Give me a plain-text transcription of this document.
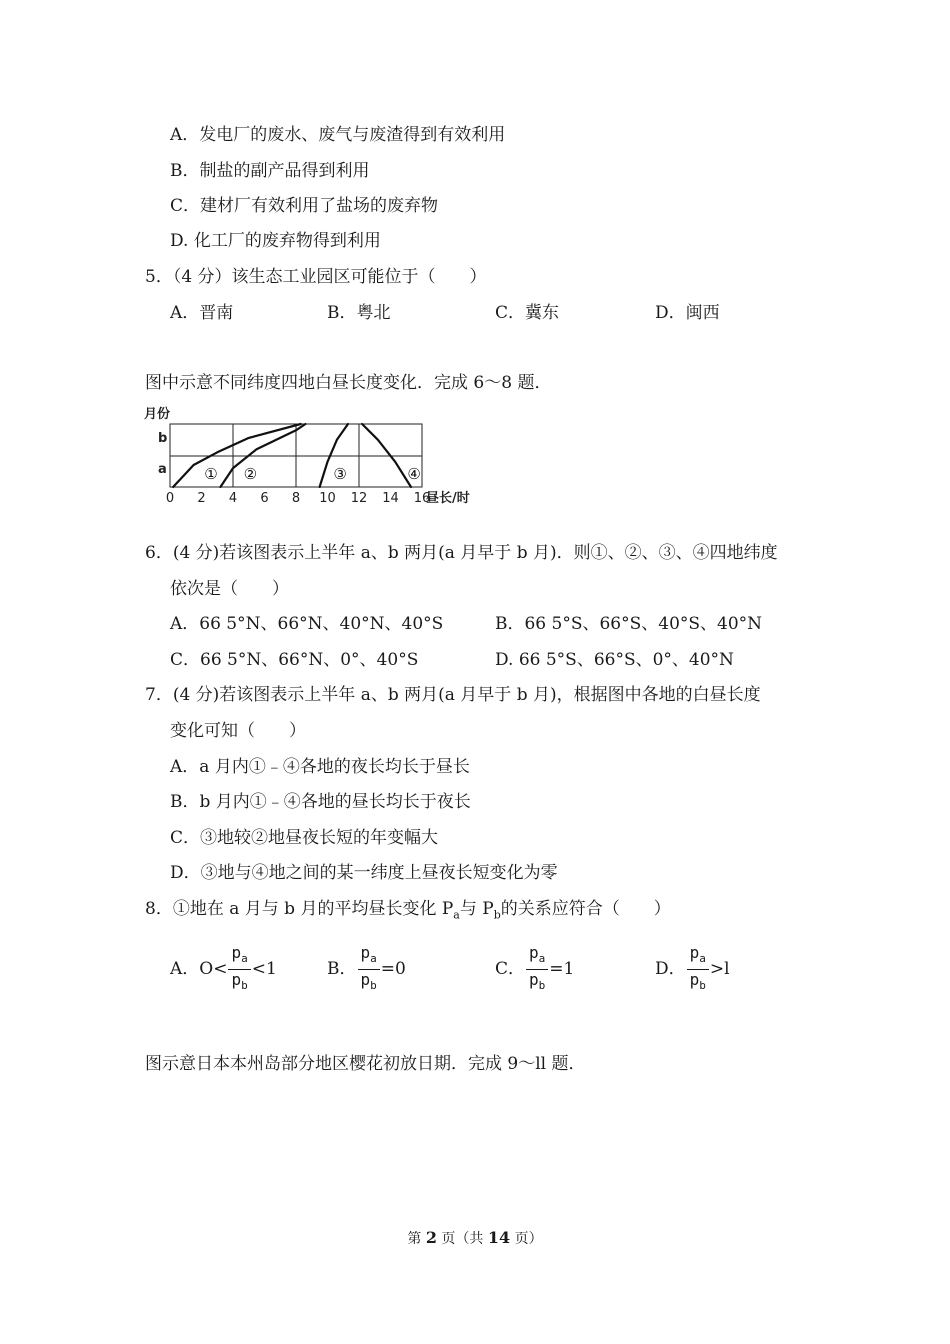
A．发电厂的废水、废气与废渣得到有效利用
B．制盐的副产品得到利用
C．建材厂有效利用了盐场的废弃物
D. 化工厂的废弃物得到利用
5．（4 分）该生态工业园区可能位于（　　）
A．晋南	B．粤北	C．冀东	D．闽西
图中示意不同纬度四地白昼长度变化．完成 6～8 题．
0 2 4 6 8 10 12 14 16
昼长/时
月份
a
b
① ②	③	④
6．(4 分)若该图表示上半年 a、b 两月(a 月早于 b 月)．则①、②、③、④四地纬度
依次是（　　）
A．66 5°N、66°N、40°N、40°S	B．66 5°S、66°S、40°S、40°N
C．66 5°N、66°N、0°、40°S	D. 66 5°S、66°S、0°、40°N
7．(4 分)若该图表示上半年 a、b 两月(a 月早于 b 月)，根据图中各地的白昼长度
变化可知（　　）
A．a 月内①﹣④各地的夜长均长于昼长
B．b 月内①﹣④各地的昼长均长于夜长
C．③地较②地昼夜长短的年变幅大
D．③地与④地之间的某一纬度上昼夜长短变化为零
8．①地在 a 月与 b 月的平均昼长变化 $P_a$与 $P_b$的关系应符合（　　）
A．$O< \frac{p_a}{p_b} <1$	B． $\frac{p_a}{p_b} =0$	C． $\frac{p_a}{p_b} =1$	D． $\frac{p_a}{p_b} >l$
图示意日本本州岛部分地区樱花初放日期．完成 9～ll 题．
第 2 页（共 14 页）
